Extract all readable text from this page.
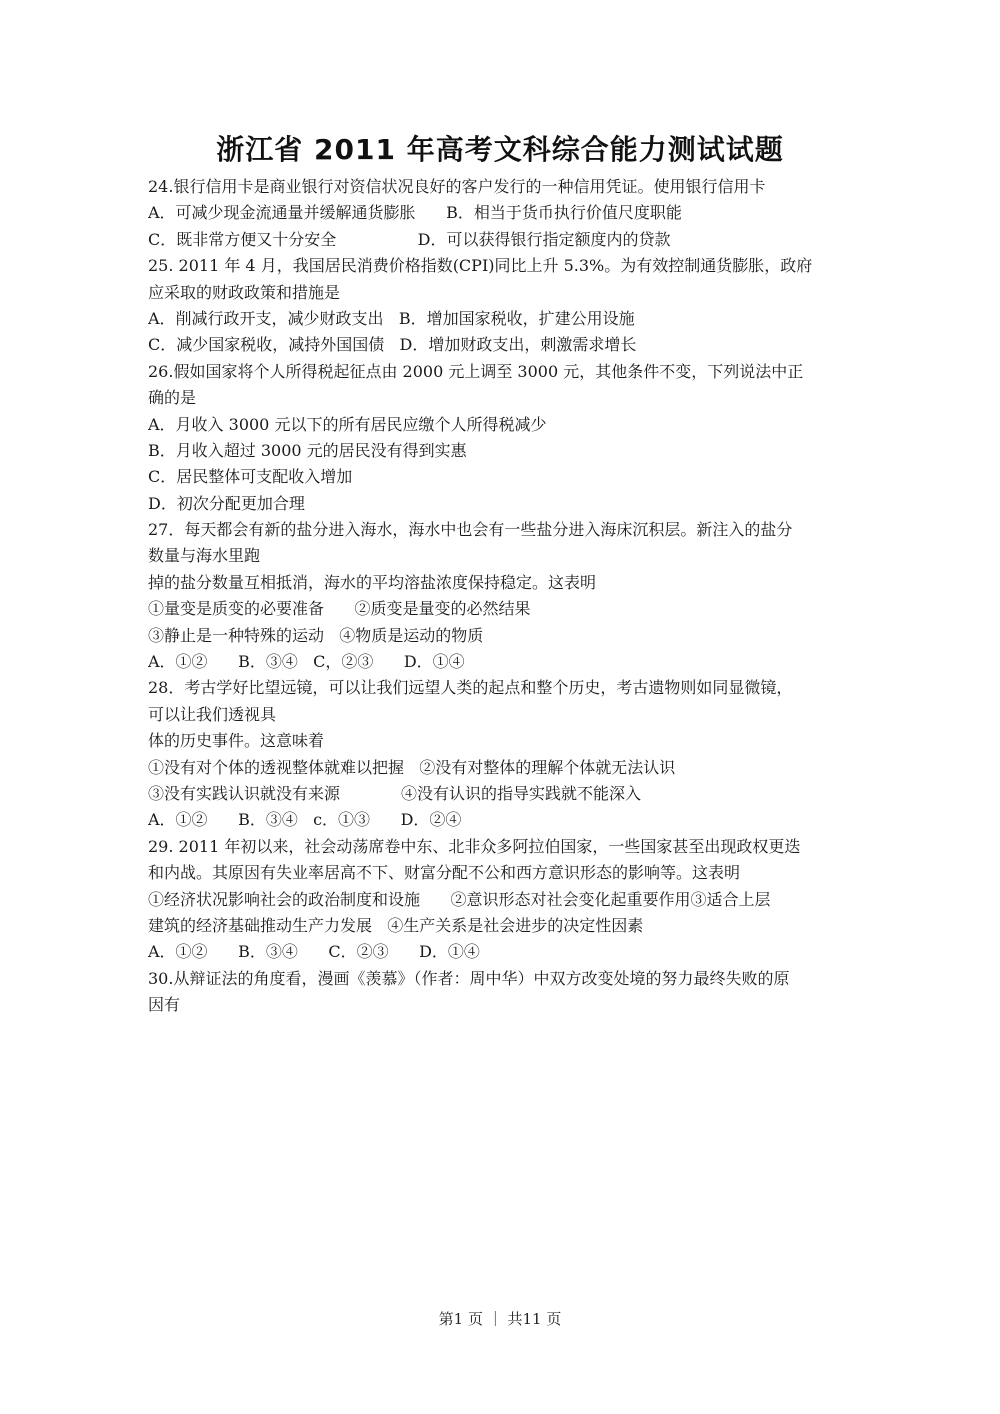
浙江省 2011 年高考文科综合能力测试试题
24.银行信用卡是商业银行对资信状况良好的客户发行的一种信用凭证。使用银行信用卡
A．可减少现金流通量并缓解通货膨胀      B．相当于货币执行价值尺度职能
C．既非常方便又十分安全                D．可以获得银行指定额度内的贷款
25. 2011 年 4 月，我国居民消费价格指数(CPI)同比上升 5.3%。为有效控制通货膨胀，政府
应采取的财政政策和措施是
A．削减行政开支，减少财政支出   B．增加国家税收，扩建公用设施
C．减少国家税收，减持外国国债   D．增加财政支出，刺激需求增长
26.假如国家将个人所得税起征点由 2000 元上调至 3000 元，其他条件不变，下列说法中正
确的是
A．月收入 3000 元以下的所有居民应缴个人所得税减少
B．月收入超过 3000 元的居民没有得到实惠
C．居民整体可支配收入增加
D．初次分配更加合理
27．每天都会有新的盐分进入海水，海水中也会有一些盐分进入海床沉积层。新注入的盐分
数量与海水里跑
掉的盐分数量互相抵消，海水的平均溶盐浓度保持稳定。这表明
①量变是质变的必要准备      ②质变是量变的必然结果
③静止是一种特殊的运动   ④物质是运动的物质
A．①②      B．③④   C，②③      D．①④
28．考古学好比望远镜，可以让我们远望人类的起点和整个历史，考古遗物则如同显微镜，
可以让我们透视具
体的历史事件。这意味着
①没有对个体的透视整体就难以把握   ②没有对整体的理解个体就无法认识
③没有实践认识就没有来源            ④没有认识的指导实践就不能深入
A．①②      B．③④   c．①③      D．②④
29. 2011 年初以来，社会动荡席卷中东、北非众多阿拉伯国家，一些国家甚至出现政权更迭
和内战。其原因有失业率居高不下、财富分配不公和西方意识形态的影响等。这表明
①经济状况影响社会的政治制度和设施      ②意识形态对社会变化起重要作用③适合上层
建筑的经济基础推动生产力发展   ④生产关系是社会进步的决定性因素
A．①②      B．③④      C．②③      D．①④
30.从辩证法的角度看，漫画《羡慕》（作者：周中华）中双方改变处境的努力最终失败的原
因有
第1 页 ｜ 共11 页
